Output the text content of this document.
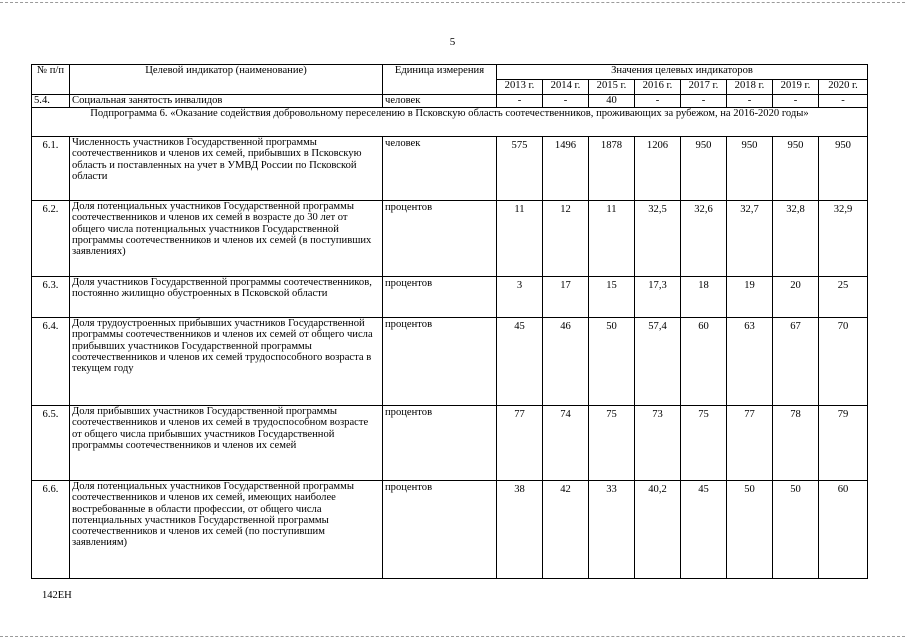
5
№ п/п	Целевой индикатор (наименование)	Единица измерения	Значения целевых индикаторов							
			2013 г.	2014 г.	2015 г.	2016 г.	2017 г.	2018 г.	2019 г.	2020 г.
5.4.	Социальная занятость инвалидов	человек	-	-	40	-	-	-	-	-
Подпрограмма 6. «Оказание содействия добровольному переселению в Псковскую область соотечественников, проживающих за рубежом, на 2016-2020 годы»										
6.1.	Численность участников Государственной программы соотечественников и членов их семей, прибывших в Псковскую область и поставленных на учет в УМВД России по Псковской области	человек	575	1496	1878	1206	950	950	950	950
6.2.	Доля потенциальных участников Государственной программы соотечественников и членов их семей в возрасте до 30 лет от общего числа потенциальных участников Государственной программы соотечественников и членов их семей (в поступивших заявлениях)	процентов	11	12	11	32,5	32,6	32,7	32,8	32,9
6.3.	Доля участников Государственной программы соотечественников, постоянно жилищно обустроенных в Псковской области	процентов	3	17	15	17,3	18	19	20	25
6.4.	Доля трудоустроенных прибывших участников Государственной программы соотечественников и членов их семей от общего числа прибывших участников Государственной программы соотечественников и членов их семей трудоспособного возраста в текущем году	процентов	45	46	50	57,4	60	63	67	70
6.5.	Доля прибывших участников Государственной программы соотечественников и членов их семей в трудоспособном возрасте от общего числа прибывших участников Государственной программы соотечественников и членов их семей	процентов	77	74	75	73	75	77	78	79
6.6.	Доля потенциальных участников Государственной программы соотечественников и членов их семей, имеющих наиболее востребованные в области профессии, от общего числа потенциальных участников Государственной программы соотечественников и членов их семей (по поступившим заявлениям)	процентов	38	42	33	40,2	45	50	50	60
142ЕН
